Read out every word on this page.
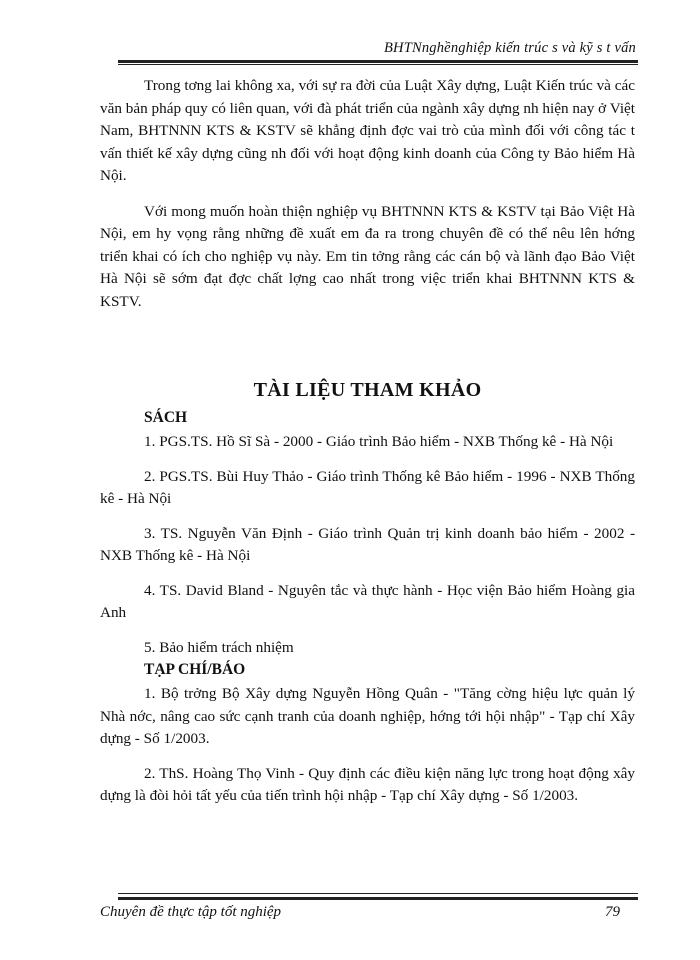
BHTNnghềnghiệp kiến trúc s và kỹ s t vấn

Trong tơng lai không xa, với sự ra đời của Luật Xây dựng, Luật Kiến trúc và các văn bản pháp quy có liên quan, với đà phát triển của ngành xây dựng nh hiện nay ở Việt Nam, BHTNNN KTS & KSTV sẽ khẳng định đợc vai trò của mình đối với công tác t vấn thiết kế xây dựng cũng nh đối với hoạt động kinh doanh của Công ty Bảo hiểm Hà Nội.

Với mong muốn hoàn thiện nghiệp vụ BHTNNN KTS & KSTV tại Bảo Việt Hà Nội, em hy vọng rằng những đề xuất em đa ra trong chuyên đề có thể nêu lên hớng triển khai có ích cho nghiệp vụ này. Em tin tởng rằng các cán bộ và lãnh đạo Bảo Việt Hà Nội sẽ sớm đạt đợc chất lợng cao nhất trong việc triển khai BHTNNN KTS & KSTV.

TÀI LIỆU THAM KHẢO
SÁCH

1. PGS.TS. Hồ Sĩ Sà - 2000 - Giáo trình Bảo hiểm - NXB Thống kê - Hà Nội

2. PGS.TS. Bùi Huy Thảo - Giáo trình Thống kê Bảo hiểm - 1996 - NXB Thống kê - Hà Nội

3. TS. Nguyễn Văn Định - Giáo trình Quản trị kinh doanh bảo hiểm - 2002 - NXB Thống kê - Hà Nội

4. TS. David Bland - Nguyên tắc và thực hành - Học viện Bảo hiểm Hoàng gia Anh

5. Bảo hiểm trách nhiệm

TẠP CHÍ/BÁO

1. Bộ trởng Bộ Xây dựng Nguyễn Hồng Quân - "Tăng cờng hiệu lực quản lý Nhà nớc, nâng cao sức cạnh tranh của doanh nghiệp, hớng tới hội nhập" - Tạp chí Xây dựng - Số 1/2003.

2. ThS. Hoàng Thọ Vinh - Quy định các điều kiện năng lực trong hoạt động xây dựng là đòi hỏi tất yếu của tiến trình hội nhập - Tạp chí Xây dựng - Số 1/2003.

Chuyên đề thực tập tốt nghiệp	79
